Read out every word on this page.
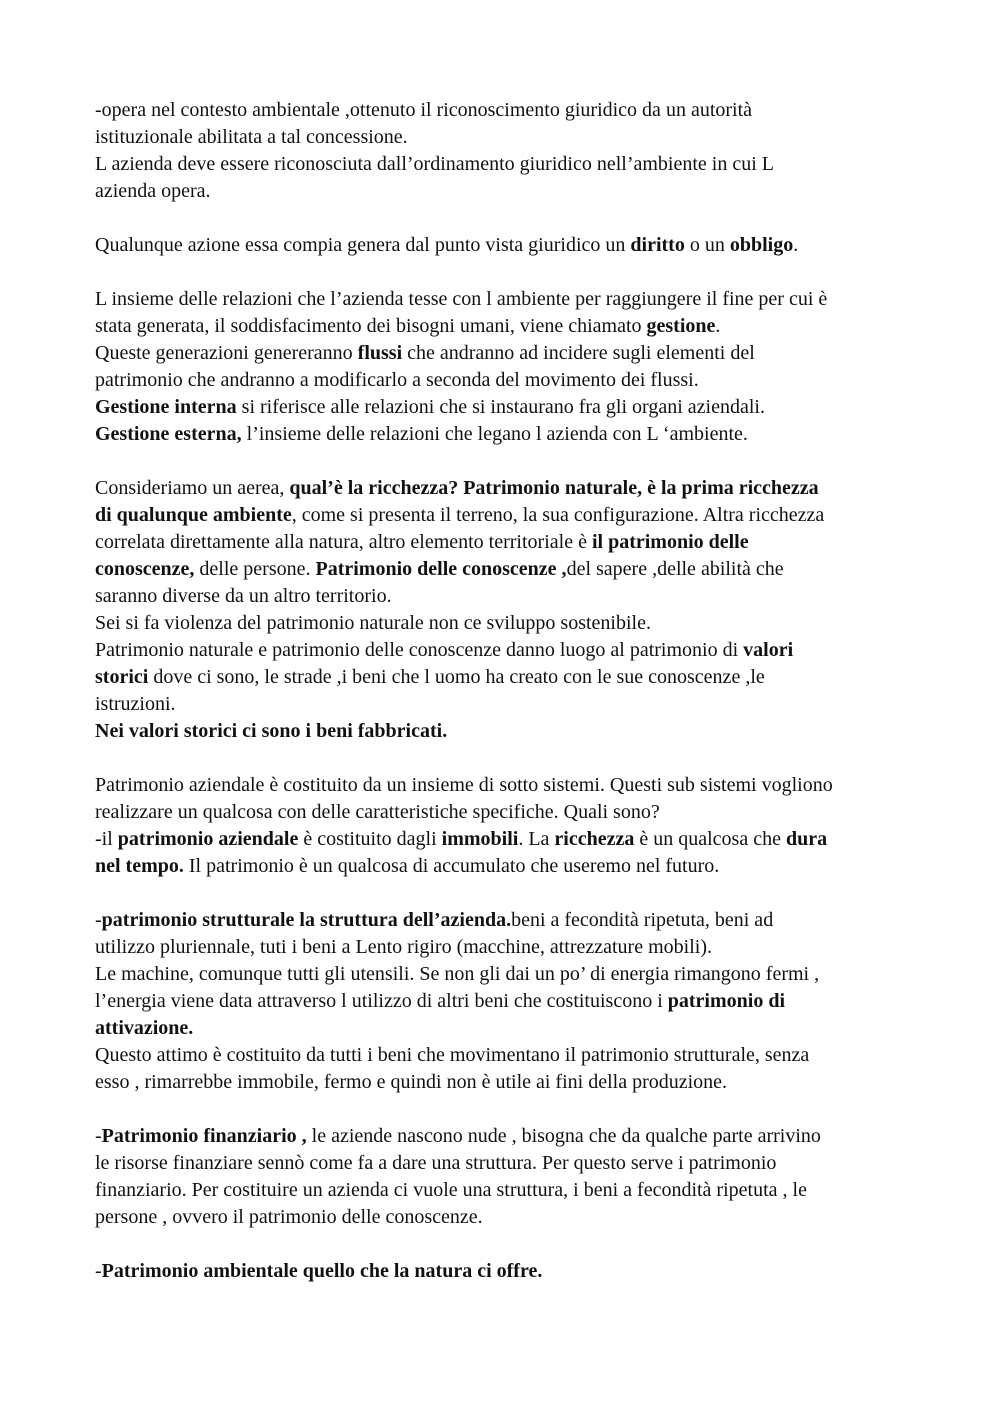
-opera nel contesto ambientale ,ottenuto il riconoscimento giuridico da un autorità
istituzionale abilitata a tal concessione.
L azienda deve essere riconosciuta dall’ordinamento giuridico nell’ambiente in cui L
azienda opera.
Qualunque azione essa compia genera dal punto vista giuridico un diritto o un obbligo.
L insieme delle relazioni che l’azienda tesse con l ambiente per raggiungere il fine per cui è
stata generata, il soddisfacimento dei bisogni umani, viene chiamato gestione.
Queste generazioni genereranno flussi che andranno ad incidere sugli elementi del
patrimonio che andranno a modificarlo a seconda del movimento dei flussi.
Gestione interna si riferisce alle relazioni che si instaurano fra gli organi aziendali.
Gestione esterna, l’insieme delle relazioni che legano l azienda con L ‘ambiente.
Consideriamo un aerea, qual’è la ricchezza? Patrimonio naturale, è la prima ricchezza
di qualunque ambiente, come si presenta il terreno, la sua configurazione. Altra ricchezza
correlata direttamente alla natura, altro elemento territoriale è il patrimonio delle
conoscenze, delle persone. Patrimonio delle conoscenze ,del sapere ,delle abilità che
saranno diverse da un altro territorio.
Sei si fa violenza del patrimonio naturale non ce sviluppo sostenibile.
Patrimonio naturale e patrimonio delle conoscenze danno luogo al patrimonio di valori
storici dove ci sono, le strade ,i beni che l uomo ha creato con le sue conoscenze ,le
istruzioni.
Nei valori storici ci sono i beni fabbricati.
Patrimonio aziendale è costituito da un insieme di sotto sistemi. Questi sub sistemi vogliono
realizzare un qualcosa con delle caratteristiche specifiche. Quali sono?
-il patrimonio aziendale è costituito dagli immobili. La ricchezza è un qualcosa che dura
nel tempo. Il patrimonio è un qualcosa di accumulato che useremo nel futuro.
-patrimonio strutturale la struttura dell’azienda.beni a fecondità ripetuta, beni ad
utilizzo pluriennale, tuti i beni a Lento rigiro (macchine, attrezzature mobili).
Le machine, comunque tutti gli utensili. Se non gli dai un po’ di energia rimangono fermi ,
l’energia viene data attraverso l utilizzo di altri beni che costituiscono i patrimonio di
attivazione.
Questo attimo è costituito da tutti i beni che movimentano il patrimonio strutturale, senza
esso , rimarrebbe immobile, fermo e quindi non è utile ai fini della produzione.
-Patrimonio finanziario , le aziende nascono nude , bisogna che da qualche parte arrivino
le risorse finanziare sennò come fa a dare una struttura. Per questo serve i patrimonio
finanziario. Per costituire un azienda ci vuole una struttura, i beni a fecondità ripetuta , le
persone , ovvero il patrimonio delle conoscenze.
-Patrimonio ambientale quello che la natura ci offre.
